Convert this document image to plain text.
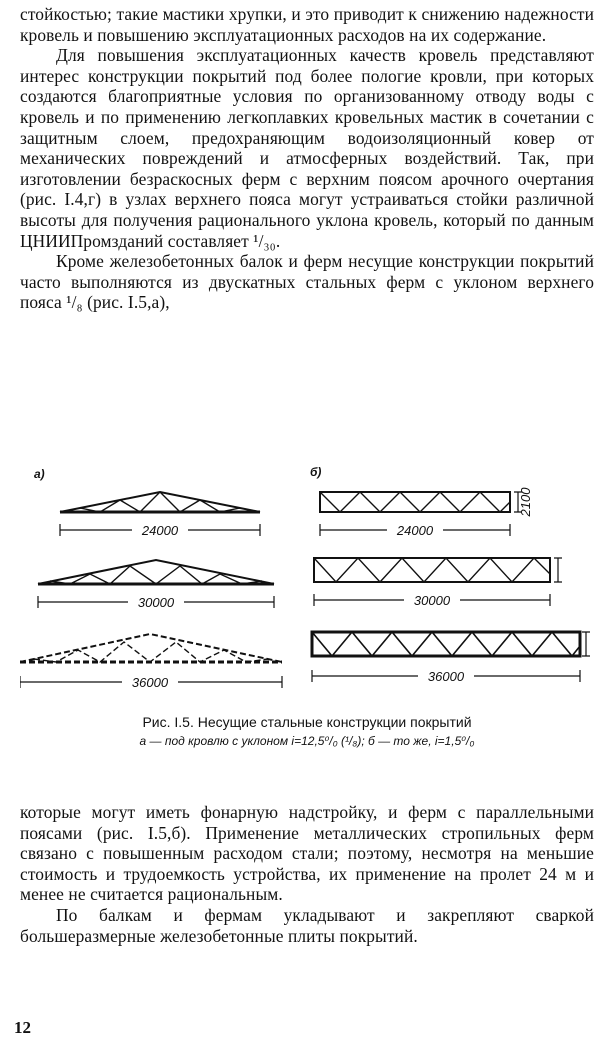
стойкостью; такие мастики хрупки, и это приводит к снижению надежности кровель и повышению эксплуатационных расходов на их содержание.

Для повышения эксплуатационных качеств кровель представляют интерес конструкции покрытий под более пологие кровли, при которых создаются благоприятные условия по организованному отводу воды с кровель и по применению легкоплавких кровельных мастик в сочетании с защитным слоем, предохраняющим водоизоляционный ковер от механических повреждений и атмосферных воздействий. Так, при изготовлении безраскосных ферм с верхним поясом арочного очертания (рис. I.4,г) в узлах верхнего пояса могут устраиваться стойки различной высоты для получения рационального уклона кровель, который по данным ЦНИИПромзданий составляет ¹/₃₀.

Кроме железобетонных балок и ферм несущие конструкции покрытий часто выполняются из двускатных стальных ферм с уклоном верхнего пояса ¹/₈ (рис. I.5,а),

а)	б)
24000
30000
36000
24000
30000
36000
2100
Рис. I.5. Несущие стальные конструкции покрытий
а — под кровлю с уклоном i=12,5⁰/₀ (¹/₈); б — то же, i=1,5⁰/₀

которые могут иметь фонарную надстройку, и ферм с параллельными поясами (рис. I.5,б). Применение металлических стропильных ферм связано с повышенным расходом стали; поэтому, несмотря на меньшие стоимость и трудоемкость устройства, их применение на пролет 24 м и менее не считается рациональным.

По балкам и фермам укладывают и закрепляют сваркой большеразмерные железобетонные плиты покрытий.

12
